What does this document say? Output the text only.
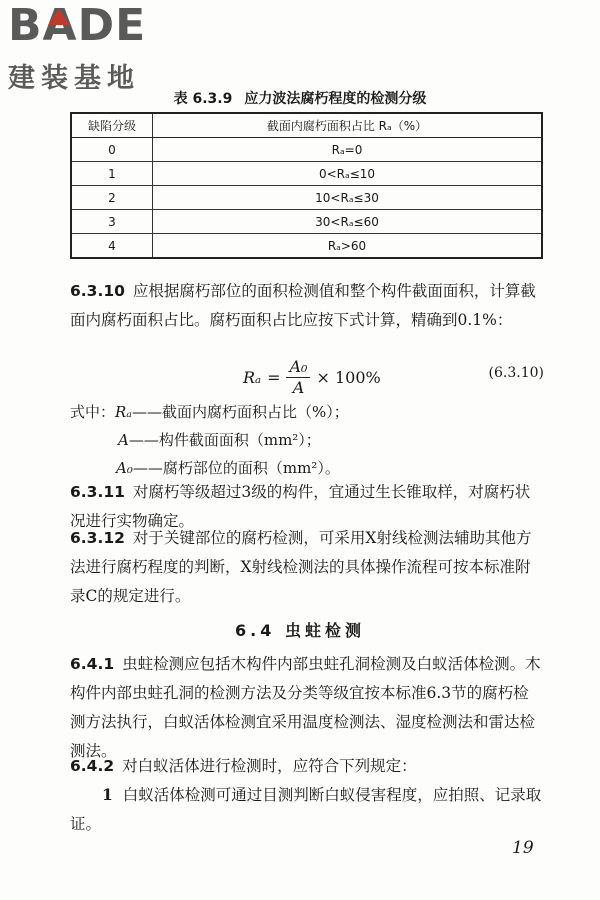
BADE
建装基地
表 6.3.9 应力波法腐朽程度的检测分级
缺陷分级	截面内腐朽面积占比 Rₐ（%）
0	Rₐ=0
1	0<Rₐ≤10
2	10<Rₐ≤30
3	30<Rₐ≤60
4	Rₐ>60
6.3.10 应根据腐朽部位的面积检测值和整个构件截面面积，计算截面内腐朽面积占比。腐朽面积占比应按下式计算，精确到0.1%：
$R_a = \frac{\text{A₀}}{A} \times 100\%$	(6.3.10)
式中：Rₐ——截面内腐朽面积占比（%）；
A——构件截面面积（mm²）；
A₀——腐朽部位的面积（mm²）。
6.3.11 对腐朽等级超过3级的构件，宜通过生长锥取样，对腐朽状况进行实物确定。
6.3.12 对于关键部位的腐朽检测，可采用X射线检测法辅助其他方法进行腐朽程度的判断，X射线检测法的具体操作流程可按本标准附录C的规定进行。
6.4 虫蛀检测
6.4.1 虫蛀检测应包括木构件内部虫蛀孔洞检测及白蚁活体检测。木构件内部虫蛀孔洞的检测方法及分类等级宜按本标准6.3节的腐朽检测方法执行，白蚁活体检测宜采用温度检测法、湿度检测法和雷达检测法。
6.4.2 对白蚁活体进行检测时，应符合下列规定：
1 白蚁活体检测可通过目测判断白蚁侵害程度，应拍照、记录取证。
19
